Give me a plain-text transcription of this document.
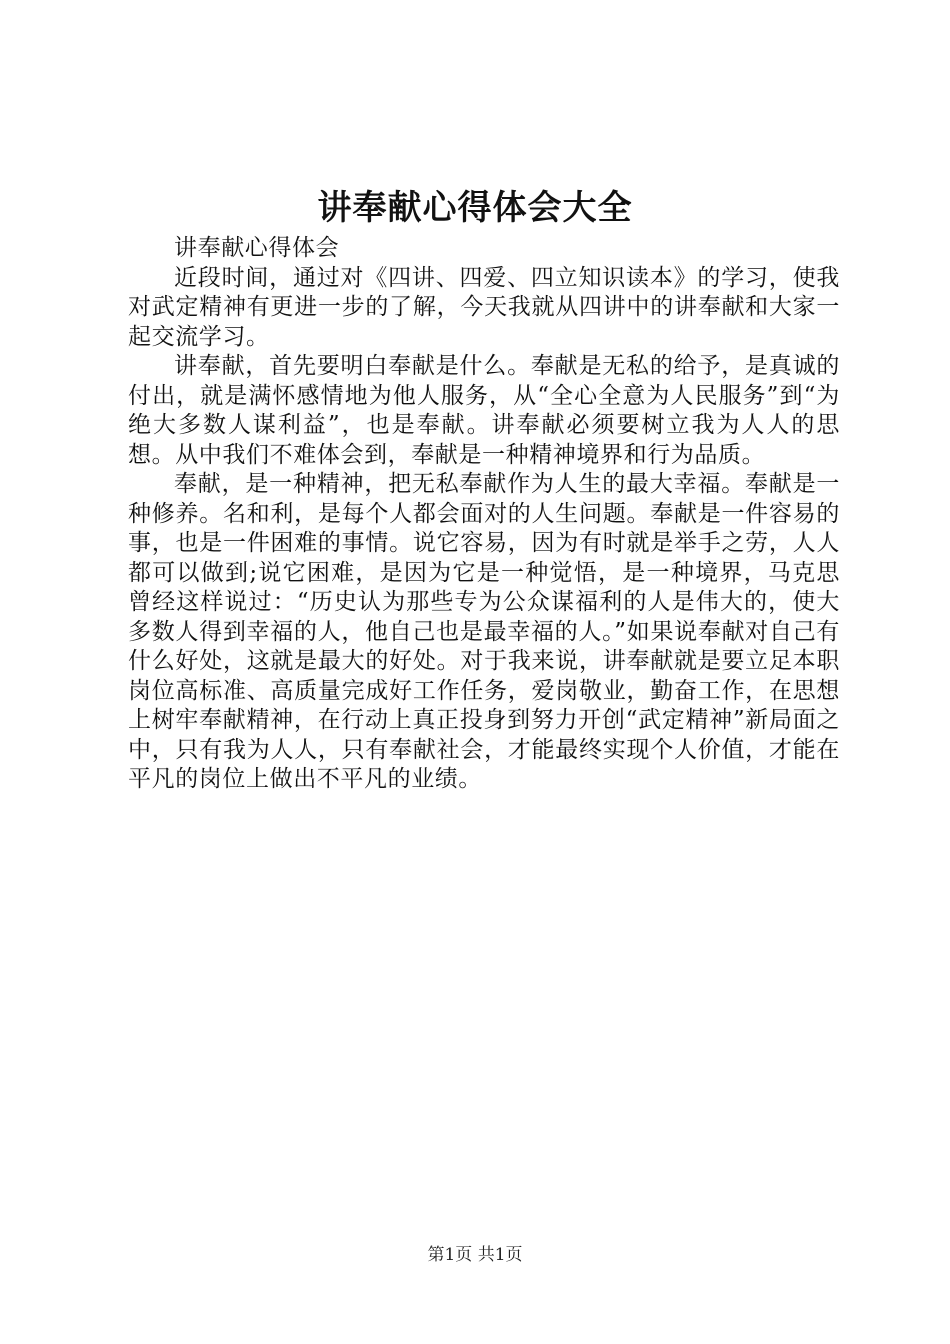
讲奉献心得体会大全

讲奉献心得体会

近段时间，通过对《四讲、四爱、四立知识读本》的学习，使我对武定精神有更进一步的了解，今天我就从四讲中的讲奉献和大家一起交流学习。

讲奉献，首先要明白奉献是什么。奉献是无私的给予，是真诚的付出，就是满怀感情地为他人服务，从“全心全意为人民服务”到“为绝大多数人谋利益”，也是奉献。讲奉献必须要树立我为人人的思想。从中我们不难体会到，奉献是一种精神境界和行为品质。

奉献，是一种精神，把无私奉献作为人生的最大幸福。奉献是一种修养。名和利，是每个人都会面对的人生问题。奉献是一件容易的事，也是一件困难的事情。说它容易，因为有时就是举手之劳，人人都可以做到;说它困难，是因为它是一种觉悟，是一种境界，马克思曾经这样说过：“历史认为那些专为公众谋福利的人是伟大的，使大多数人得到幸福的人，他自己也是最幸福的人。”如果说奉献对自己有什么好处，这就是最大的好处。对于我来说，讲奉献就是要立足本职岗位高标准、高质量完成好工作任务，爱岗敬业，勤奋工作，在思想上树牢奉献精神，在行动上真正投身到努力开创“武定精神”新局面之中，只有我为人人，只有奉献社会，才能最终实现个人价值，才能在平凡的岗位上做出不平凡的业绩。

第1页 共1页
